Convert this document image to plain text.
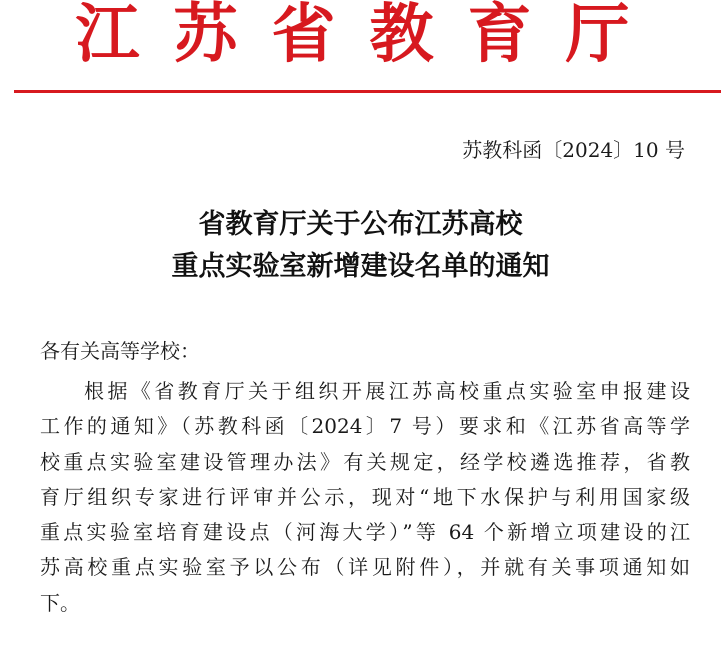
江苏省教育厅
苏教科函〔2024〕10 号
省教育厅关于公布江苏高校
重点实验室新增建设名单的通知
各有关高等学校：
根据《省教育厅关于组织开展江苏高校重点实验室申报建设
工作的通知》（苏教科函〔2024〕7 号）要求和《江苏省高等学
校重点实验室建设管理办法》有关规定，经学校遴选推荐，省教
育厅组织专家进行评审并公示，现对“地下水保护与利用国家级
重点实验室培育建设点（河海大学）”等 64 个新增立项建设的江
苏高校重点实验室予以公布（详见附件），并就有关事项通知如
下。
